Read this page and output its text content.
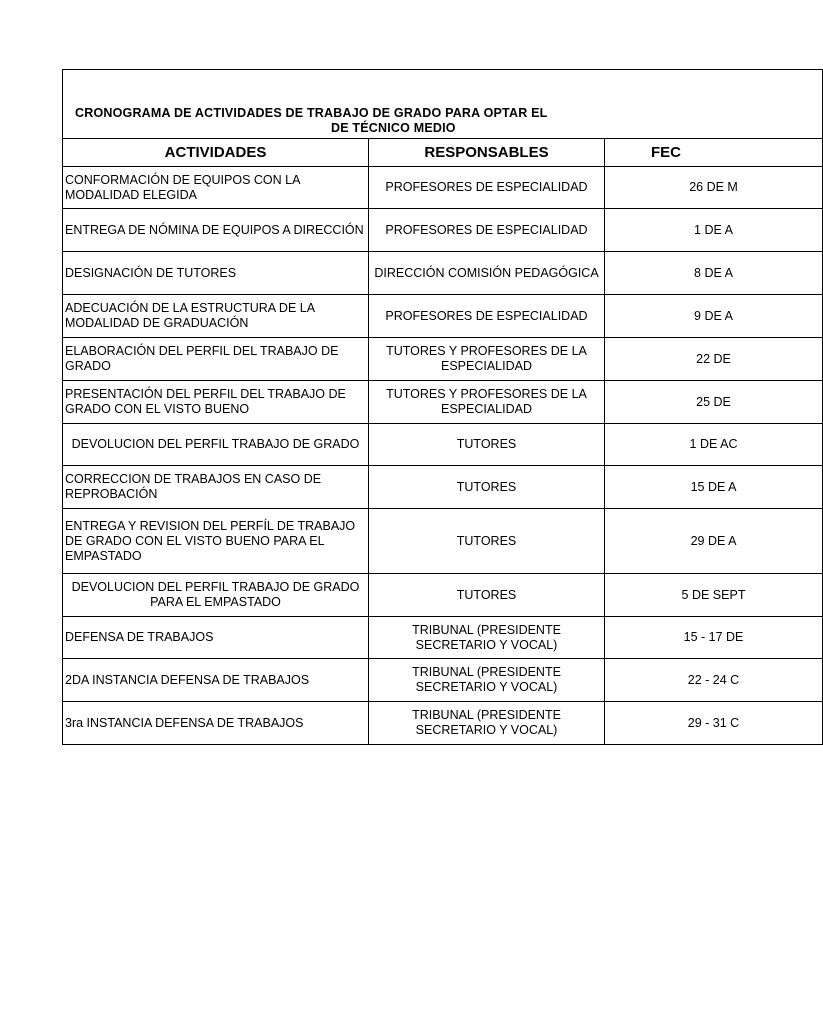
CRONOGRAMA DE ACTIVIDADES DE TRABAJO DE GRADO PARA OPTAR EL
DE TÉCNICO MEDIO		

ACTIVIDADES	RESPONSABLES	FEC
CONFORMACIÓN DE EQUIPOS CON LA MODALIDAD ELEGIDA	PROFESORES DE ESPECIALIDAD	26 DE M
ENTREGA DE NÓMINA DE EQUIPOS A DIRECCIÓN	PROFESORES DE ESPECIALIDAD	1 DE A
DESIGNACIÓN DE TUTORES	DIRECCIÓN COMISIÓN PEDAGÓGICA	8 DE A
ADECUACIÓN DE LA ESTRUCTURA DE LA MODALIDAD DE GRADUACIÓN	PROFESORES DE ESPECIALIDAD	9 DE A
ELABORACIÓN DEL PERFIL DEL TRABAJO DE GRADO	TUTORES Y PROFESORES DE LA ESPECIALIDAD	22 DE
PRESENTACIÓN DEL PERFIL DEL TRABAJO DE GRADO CON EL VISTO BUENO	TUTORES Y PROFESORES DE LA ESPECIALIDAD	25 DE
DEVOLUCION DEL PERFIL TRABAJO DE GRADO	TUTORES	1 DE AC
CORRECCION DE TRABAJOS EN CASO DE REPROBACIÓN	TUTORES	15 DE A
ENTREGA Y REVISION DEL PERFÍL DE TRABAJO DE GRADO CON EL VISTO BUENO PARA EL EMPASTADO	TUTORES	29 DE A
DEVOLUCION DEL PERFIL TRABAJO DE GRADO PARA EL EMPASTADO	TUTORES	5 DE SEPT
DEFENSA DE TRABAJOS	TRIBUNAL (PRESIDENTE SECRETARIO Y VOCAL)	15 - 17 DE
2DA INSTANCIA DEFENSA DE TRABAJOS	TRIBUNAL (PRESIDENTE SECRETARIO Y VOCAL)	22 - 24 C
3ra INSTANCIA DEFENSA DE TRABAJOS	TRIBUNAL (PRESIDENTE SECRETARIO Y VOCAL)	29 - 31 C
